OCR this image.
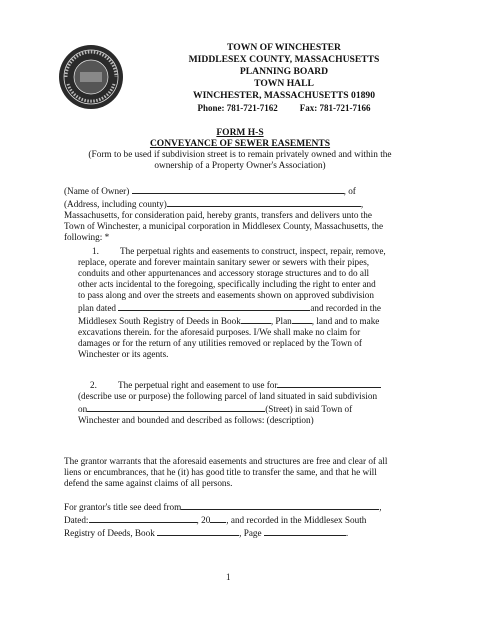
TOWN OF WINCHESTER
MIDDLESEX COUNTY, MASSACHUSETTS
PLANNING BOARD
TOWN HALL
WINCHESTER, MASSACHUSETTS 01890
Phone: 781-721-7162 Fax: 781-721-7166
FORM H-S
CONVEYANCE OF SEWER EASEMENTS
(Form to be used if subdivision street is to remain privately owned and within the
ownership of a Property Owner's Association)
(Name of Owner)	, of
(Address, including county)	,
Massachusetts, for consideration paid, hereby grants, transfers and delivers unto the
Town of Winchester, a municipal corporation in Middlesex County, Massachusetts, the
following: *
1. The perpetual rights and easements to construct, inspect, repair, remove,
replace, operate and forever maintain sanitary sewer or sewers with their pipes,
conduits and other appurtenances and accessory storage structures and to do all
other acts incidental to the foregoing, specifically including the right to enter and
to pass along and over the streets and easements shown on approved subdivision
plan dated	and recorded in the
Middlesex South Registry of Deeds in Book	, Plan , land and to make
excavations therein. for the aforesaid purposes. I/We shall make no claim for
damages or for the return of any utilities removed or replaced by the Town of
Winchester or its agents.
2. The perpetual right and easement to use for
(describe use or purpose) the following parcel of land situated in said subdivision
on	(Street) in said Town of
Winchester and bounded and described as follows: (description)
The grantor warrants that the aforesaid easements and structures are free and clear of all
liens or encumbrances, that he (it) has good title to transfer the same, and that he will
defend the same against claims of all persons.
For grantor's title see deed from	,
Dated:	, 20 , and recorded in the Middlesex South
Registry of Deeds, Book	, Page	.
1
